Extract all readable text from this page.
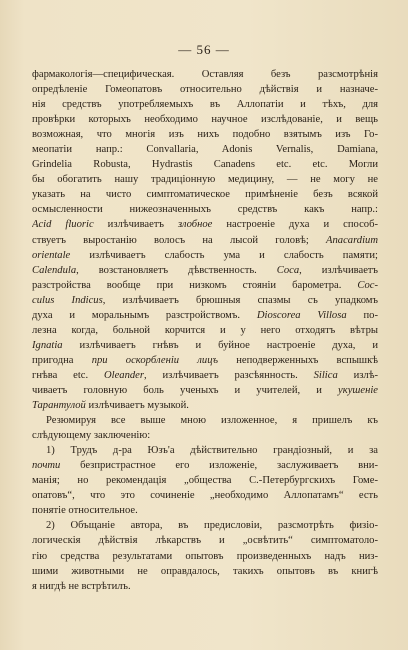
— 56 —
фармакологія—специфическая. Оставляя безъ разсмотрѣнія
опредѣленіе Гомеопатовъ относительно дѣйствія и назначе-
нія средствъ употребляемыхъ въ Аллопатіи и тѣхъ, для
провѣрки которыхъ необходимо научное изслѣдованіе, и вещь
возможная, что многія изъ нихъ подобно взятымъ изъ Го-
меопатіи напр.: Convallaria, Adonis Vernalis, Damiana,
Grindelia Robusta, Hydrastis Canadens etc. etc. Могли
бы обогатить нашу традиціонную медицину, — не могу не
указать на чисто симптоматическое примѣненіе безъ всякой
осмысленности нижеозначенныхъ средствъ какъ напр.:
Acid fluoric излѣчиваетъ злобное настроеніе духа и способ-
ствуетъ выростанію волосъ на лысой головѣ; Anacardium
orientale излѣчиваетъ слабость ума и слабость памяти;
Calendula, возстановляетъ дѣвственность. Coca, излѣчиваетъ
разстройства вообще при низкомъ стояніи барометра. Coc-
culus Indicus, излѣчиваетъ брюшныя спазмы съ упадкомъ
духа и моральнымъ разстройствомъ. Dioscorea Villosa по-
лезна когда, больной корчится и у него отходятъ вѣтры
Ignatia излѣчиваетъ гнѣвъ и буйное настроеніе духа, и
пригодна при оскорбленіи лицъ неподверженныхъ вспышкѣ
гнѣва etc. Oleander, излѣчиваетъ разсѣянность. Silica излѣ-
чиваетъ головную боль ученыхъ и учителей, и укушеніе
Тарантулой излѣчиваетъ музыкой.
Резюмируя все выше мною изложенное, я пришелъ къ
слѣдующему заключенію:
1) Трудъ д-ра Юзъ'а дѣйствительно грандіозный, и за
почти безпристрастное его изложеніе, заслуживаетъ вни-
манія; но рекомендація „общества С.-Петербургскихъ Гоме-
опатовъ“, что это сочиненіе „необходимо Аллопатамъ“ есть
понятіе относительное.
2) Объщаніе автора, въ предисловіи, разсмотрѣть физіо-
логическія дѣйствія лѣкарствъ и „освѣтить“ симптоматоло-
гію средства результатами опытовъ произведенныхъ надъ низ-
шими животными не оправдалось, такихъ опытовъ въ книгѣ
я нигдѣ не встрѣтилъ.
